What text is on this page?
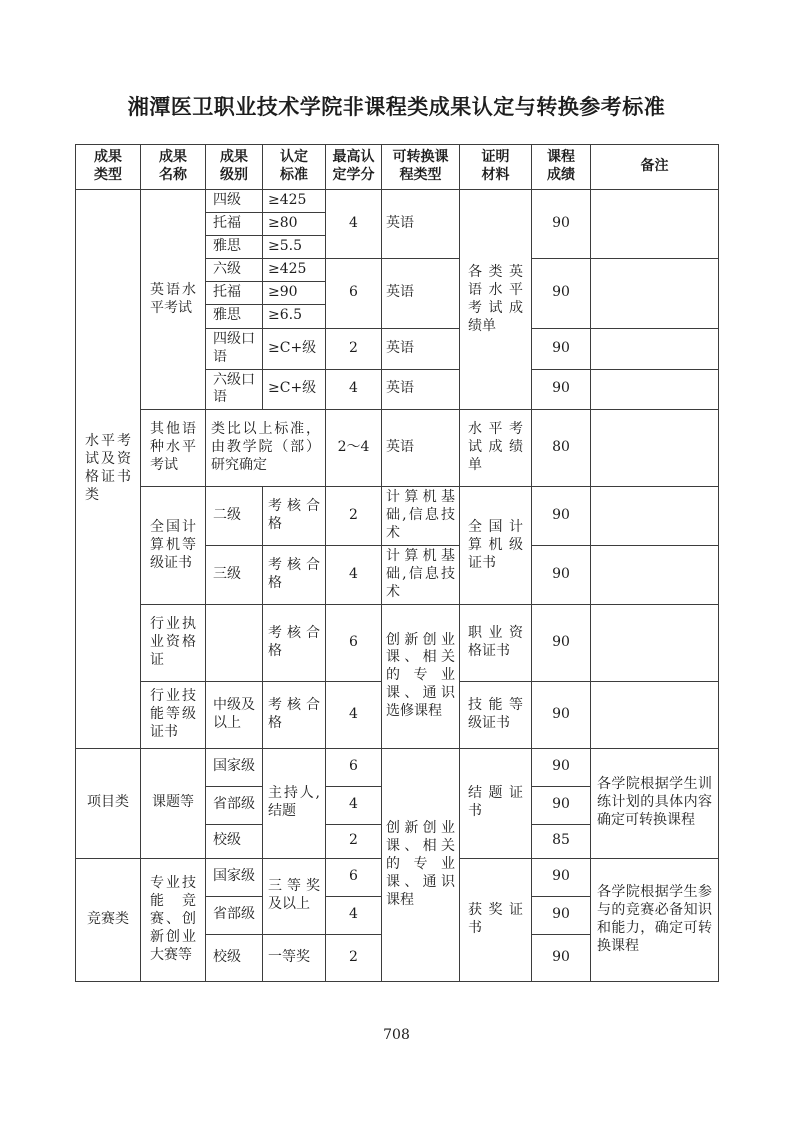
湘潭医卫职业技术学院非课程类成果认定与转换参考标准
成果类型	成果名称	成果级别	认定标准	最高认定学分	可转换课程类型	证明材料	课程成绩	备注
水平考试及资格证书类	英语水平考试	四级	≥425	4	英语	各类英语水平考试成绩单	90	
		托福	≥80					
		雅思	≥5.5					
		六级	≥425	6	英语		90	
		托福	≥90					
		雅思	≥6.5					
		四级口语	≥C+级	2	英语		90	
		六级口语	≥C+级	4	英语		90	
	其他语种水平考试	类比以上标准，由教学院（部）研究确定		2～4	英语	水平考试成绩单	80	
	全国计算机等级证书	二级	考核合格	2	计算机基础,信息技术	全国计算机级证书	90	
		三级	考核合格	4	计算机基础,信息技术		90	
	行业执业资格证		考核合格	6	创新创业课、相关的专业课、通识选修课程	职业资格证书	90	
	行业技能等级证书	中级及以上	考核合格	4		技能等级证书	90	
项目类	课题等	国家级	主持人,结题	6	创新创业课、相关的专业课、通识课程	结题证书	90	各学院根据学生训练计划的具体内容确定可转换课程
		省部级		4			90	
		校级		2			85	
竞赛类	专业技能竞赛、创新创业大赛等	国家级	三等奖及以上	6		获奖证书	90	各学院根据学生参与的竞赛必备知识和能力，确定可转换课程
		省部级		4			90	
		校级	一等奖	2			90	
708
